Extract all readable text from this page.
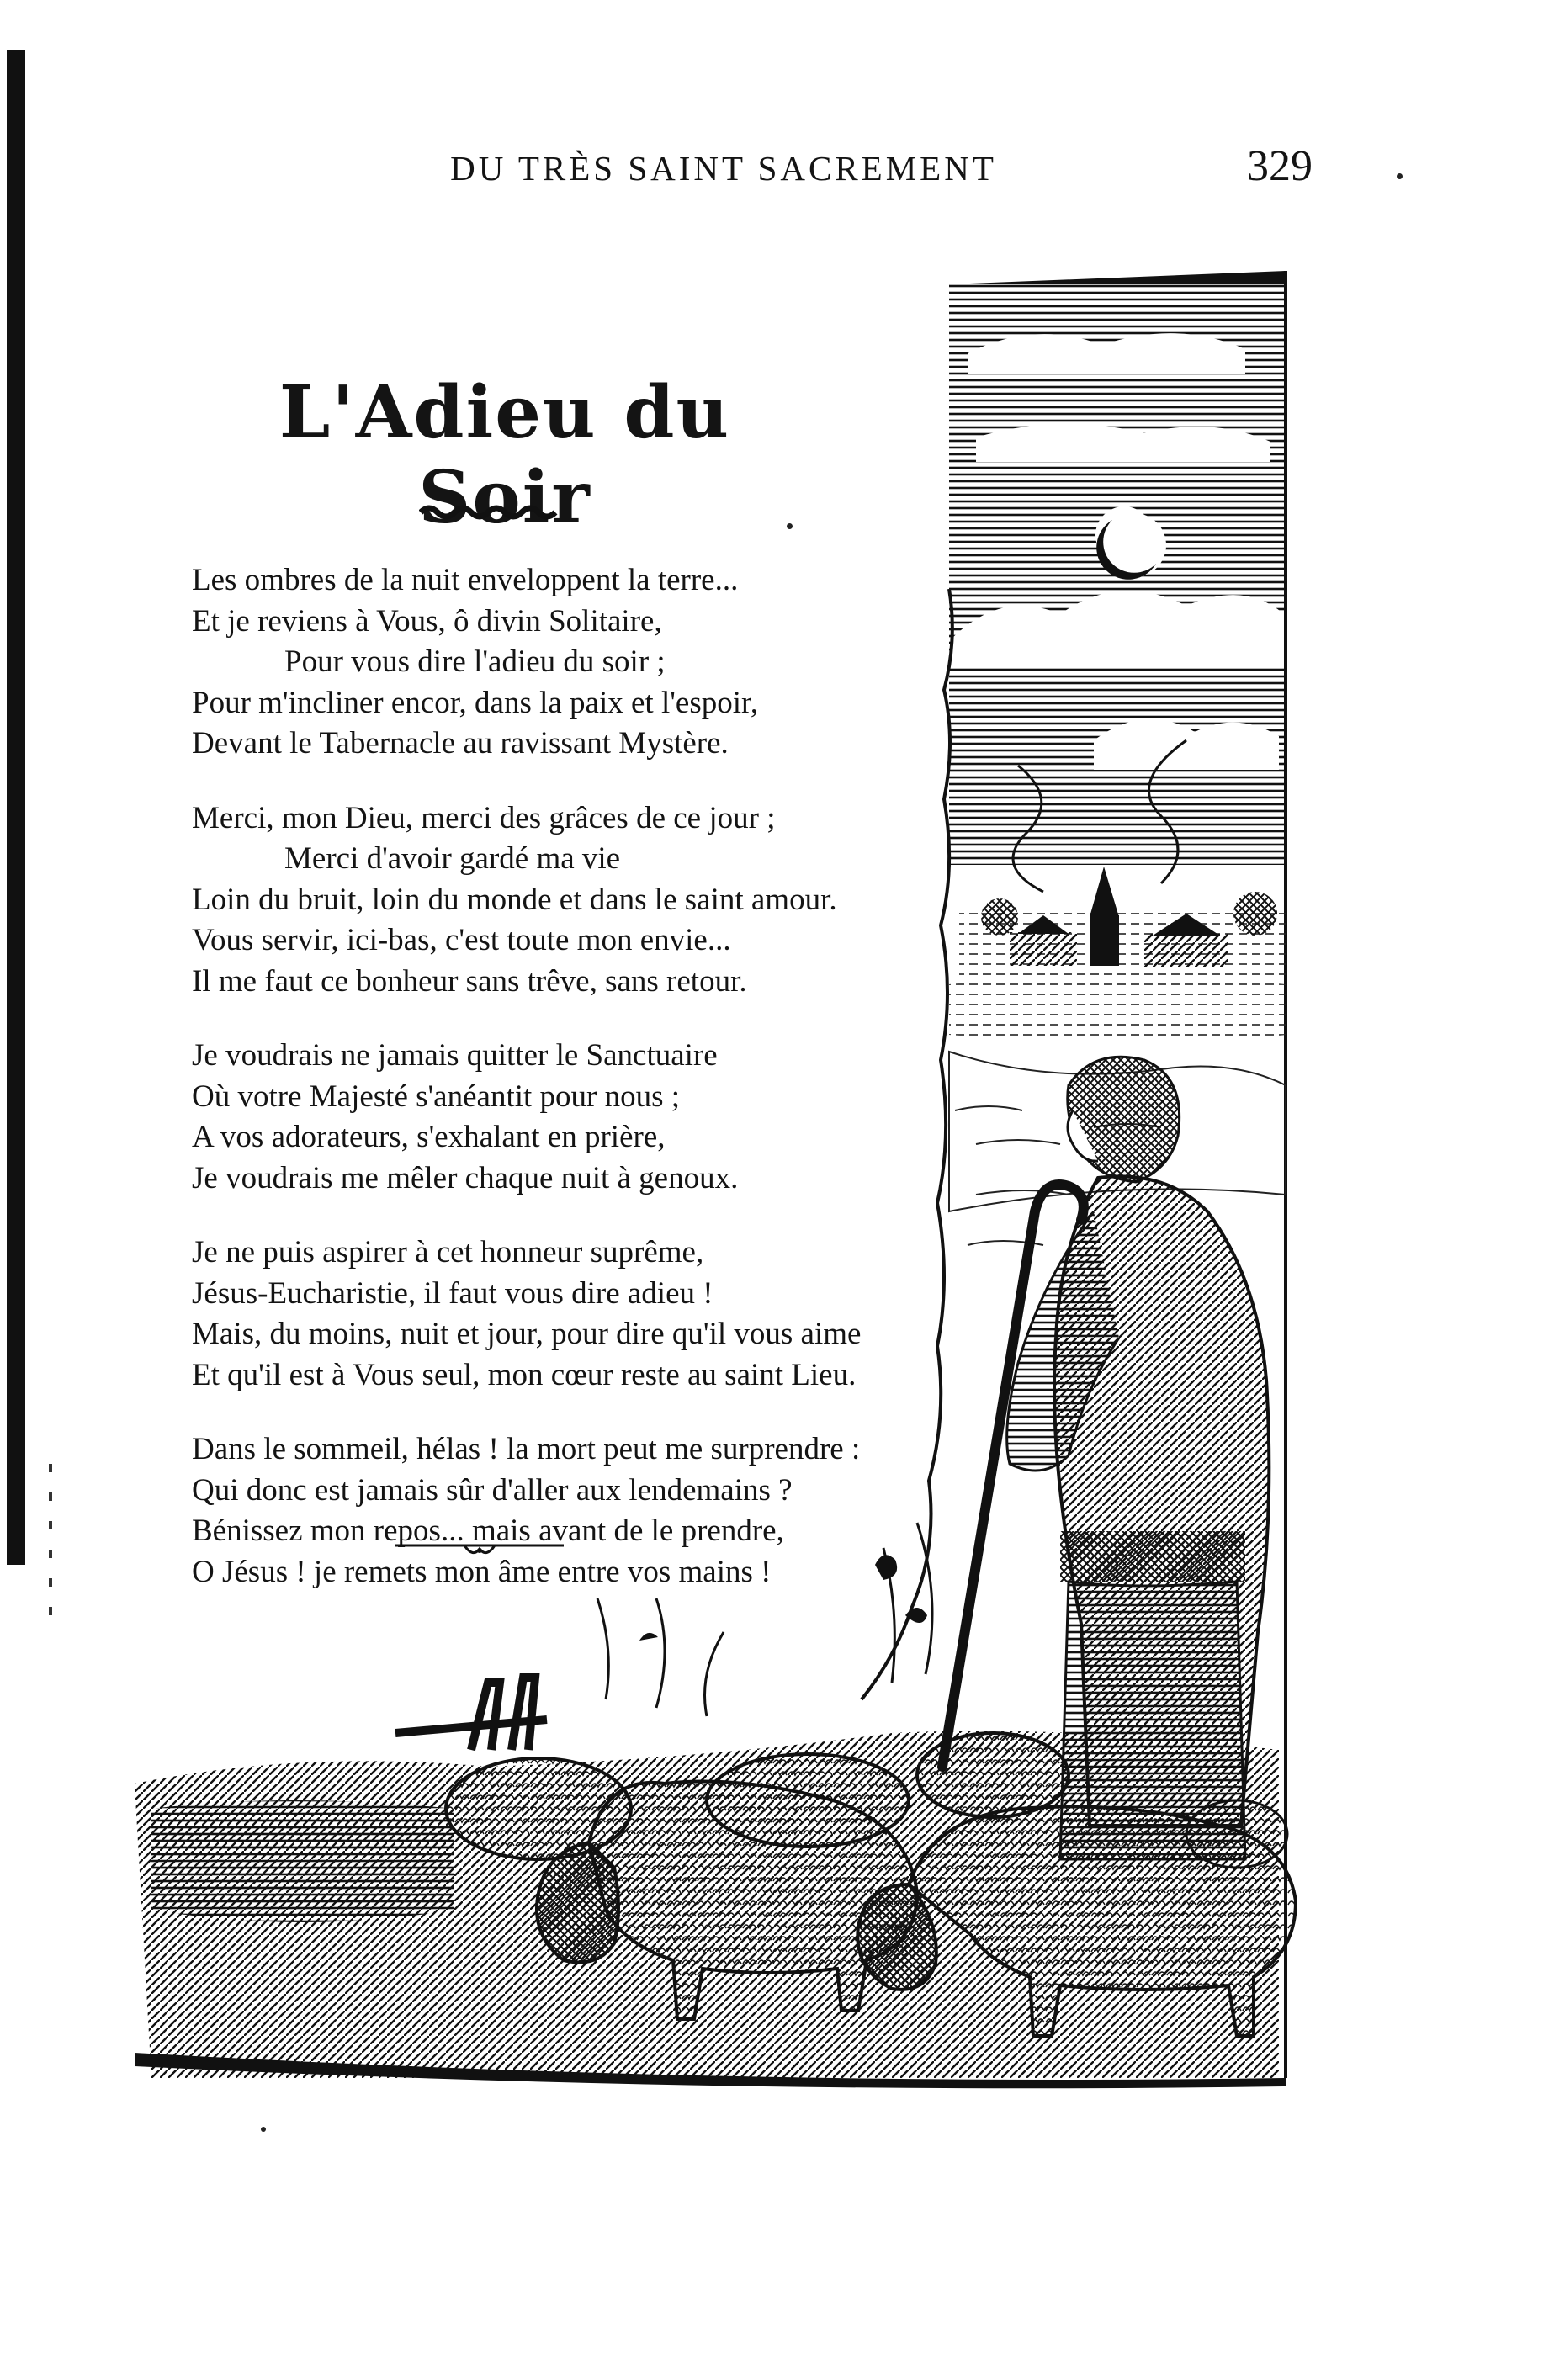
DU TRÈS SAINT SACREMENT	329
L'Adieu du Soir
Les ombres de la nuit enveloppent la terre...
Et je reviens à Vous, ô divin Solitaire,
Pour vous dire l'adieu du soir ;
Pour m'incliner encor, dans la paix et l'espoir,
Devant le Tabernacle au ravissant Mystère.
Merci, mon Dieu, merci des grâces de ce jour ;
Merci d'avoir gardé ma vie
Loin du bruit, loin du monde et dans le saint amour.
Vous servir, ici-bas, c'est toute mon envie...
Il me faut ce bonheur sans trêve, sans retour.
Je voudrais ne jamais quitter le Sanctuaire
Où votre Majesté s'anéantit pour nous ;
A vos adorateurs, s'exhalant en prière,
Je voudrais me mêler chaque nuit à genoux.
Je ne puis aspirer à cet honneur suprême,
Jésus-Eucharistie, il faut vous dire adieu !
Mais, du moins, nuit et jour, pour dire qu'il vous aime
Et qu'il est à Vous seul, mon cœur reste au saint Lieu.
Dans le sommeil, hélas ! la mort peut me surprendre :
Qui donc est jamais sûr d'aller aux lendemains ?
Bénissez mon repos... mais avant de le prendre,
O Jésus ! je remets mon âme entre vos mains !
